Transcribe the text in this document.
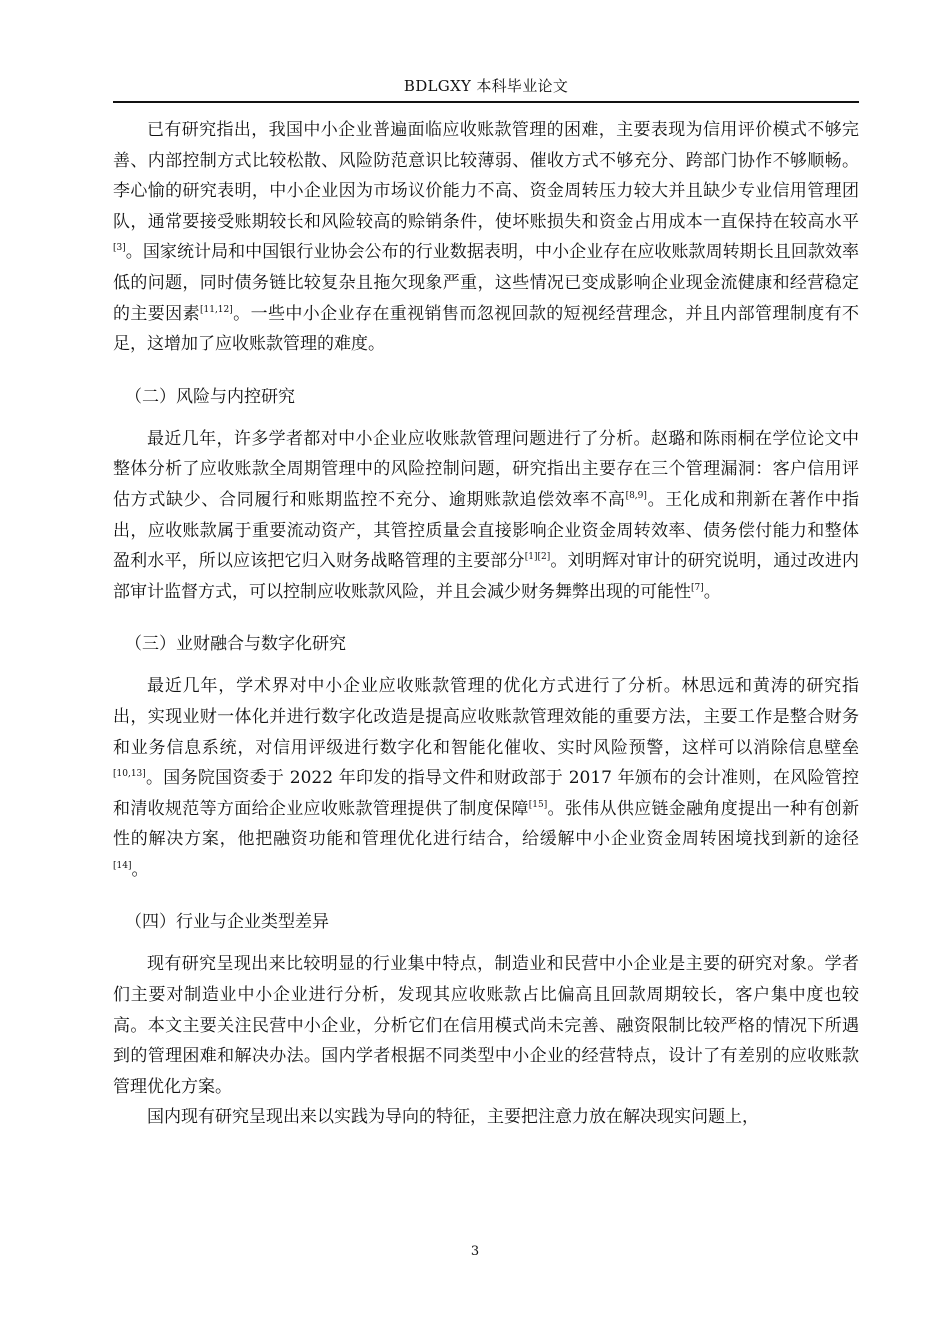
BDLGXY 本科毕业论文

已有研究指出，我国中小企业普遍面临应收账款管理的困难，主要表现为信用评价模式不够完善、内部控制方式比较松散、风险防范意识比较薄弱、催收方式不够充分、跨部门协作不够顺畅。李心愉的研究表明，中小企业因为市场议价能力不高、资金周转压力较大并且缺少专业信用管理团队，通常要接受账期较长和风险较高的赊销条件，使坏账损失和资金占用成本一直保持在较高水平[3]。国家统计局和中国银行业协会公布的行业数据表明，中小企业存在应收账款周转期长且回款效率低的问题，同时债务链比较复杂且拖欠现象严重，这些情况已变成影响企业现金流健康和经营稳定的主要因素[11,12]。一些中小企业存在重视销售而忽视回款的短视经营理念，并且内部管理制度有不足，这增加了应收账款管理的难度。

（二）风险与内控研究

最近几年，许多学者都对中小企业应收账款管理问题进行了分析。赵璐和陈雨桐在学位论文中整体分析了应收账款全周期管理中的风险控制问题，研究指出主要存在三个管理漏洞：客户信用评估方式缺少、合同履行和账期监控不充分、逾期账款追偿效率不高[8,9]。王化成和荆新在著作中指出，应收账款属于重要流动资产，其管控质量会直接影响企业资金周转效率、债务偿付能力和整体盈利水平，所以应该把它归入财务战略管理的主要部分[1][2]。刘明辉对审计的研究说明，通过改进内部审计监督方式，可以控制应收账款风险，并且会减少财务舞弊出现的可能性[7]。

（三）业财融合与数字化研究

最近几年，学术界对中小企业应收账款管理的优化方式进行了分析。林思远和黄涛的研究指出，实现业财一体化并进行数字化改造是提高应收账款管理效能的重要方法，主要工作是整合财务和业务信息系统，对信用评级进行数字化和智能化催收、实时风险预警，这样可以消除信息壁垒[10,13]。国务院国资委于 2022 年印发的指导文件和财政部于 2017 年颁布的会计准则，在风险管控和清收规范等方面给企业应收账款管理提供了制度保障[15]。张伟从供应链金融角度提出一种有创新性的解决方案，他把融资功能和管理优化进行结合，给缓解中小企业资金周转困境找到新的途径[14]。

（四）行业与企业类型差异

现有研究呈现出来比较明显的行业集中特点，制造业和民营中小企业是主要的研究对象。学者们主要对制造业中小企业进行分析，发现其应收账款占比偏高且回款周期较长，客户集中度也较高。本文主要关注民营中小企业，分析它们在信用模式尚未完善、融资限制比较严格的情况下所遇到的管理困难和解决办法。国内学者根据不同类型中小企业的经营特点，设计了有差别的应收账款管理优化方案。

国内现有研究呈现出来以实践为导向的特征，主要把注意力放在解决现实问题上，

3
